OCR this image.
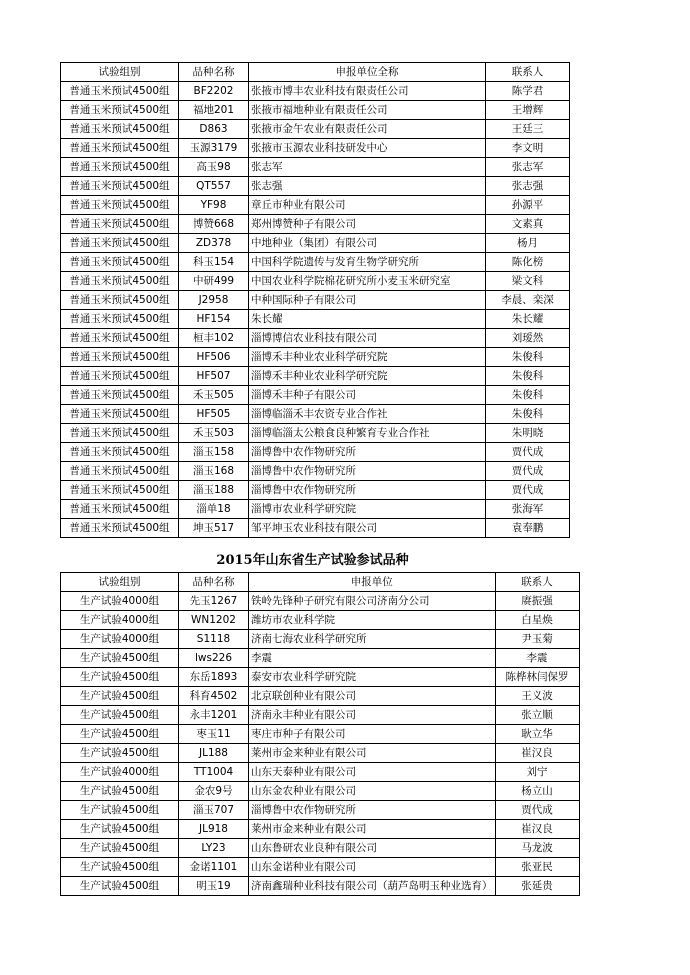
试验组别	品种名称	申报单位全称	联系人
普通玉米预试4500组	BF2202	张掖市博丰农业科技有限责任公司	陈学君
普通玉米预试4500组	福地201	张掖市福地种业有限责任公司	王增辉
普通玉米预试4500组	D863	张掖市金午农业有限责任公司	王廷三
普通玉米预试4500组	玉源3179	张掖市玉源农业科技研发中心	李文明
普通玉米预试4500组	高玉98	张志军	张志军
普通玉米预试4500组	QT557	张志强	张志强
普通玉米预试4500组	YF98	章丘市种业有限公司	孙源平
普通玉米预试4500组	博赞668	郑州博赞种子有限公司	文素真
普通玉米预试4500组	ZD378	中地种业（集团）有限公司	杨月
普通玉米预试4500组	科玉154	中国科学院遗传与发育生物学研究所	陈化榜
普通玉米预试4500组	中研499	中国农业科学院棉花研究所小麦玉米研究室	梁文科
普通玉米预试4500组	J2958	中种国际种子有限公司	李晨、栾深
普通玉米预试4500组	HF154	朱长耀	朱长耀
普通玉米预试4500组	桓丰102	淄博博信农业科技有限公司	刘瑷然
普通玉米预试4500组	HF506	淄博禾丰种业农业科学研究院	朱俊科
普通玉米预试4500组	HF507	淄博禾丰种业农业科学研究院	朱俊科
普通玉米预试4500组	禾玉505	淄博禾丰种子有限公司	朱俊科
普通玉米预试4500组	HF505	淄博临淄禾丰农资专业合作社	朱俊科
普通玉米预试4500组	禾玉503	淄博临淄太公粮食良种繁育专业合作社	朱明晓
普通玉米预试4500组	淄玉158	淄博鲁中农作物研究所	贾代成
普通玉米预试4500组	淄玉168	淄博鲁中农作物研究所	贾代成
普通玉米预试4500组	淄玉188	淄博鲁中农作物研究所	贾代成
普通玉米预试4500组	淄单18	淄博市农业科学研究院	张海军
普通玉米预试4500组	坤玉517	邹平坤玉农业科技有限公司	袁奉鹏
2015年山东省生产试验参试品种
试验组别	品种名称	申报单位	联系人
生产试验4000组	先玉1267	铁岭先锋种子研究有限公司济南分公司	赓振强
生产试验4000组	WN1202	潍坊市农业科学院	白星焕
生产试验4000组	S1118	济南七海农业科学研究所	尹玉菊
生产试验4500组	lws226	李震	李震
生产试验4500组	东岳1893	泰安市农业科学研究院	陈桦林闫保罗
生产试验4500组	科育4502	北京联创种业有限公司	王义波
生产试验4500组	永丰1201	济南永丰种业有限公司	张立顺
生产试验4500组	枣玉11	枣庄市种子有限公司	耿立华
生产试验4500组	JL188	莱州市金来种业有限公司	崔汉良
生产试验4000组	TT1004	山东天泰种业有限公司	刘宁
生产试验4500组	金农9号	山东金农种业有限公司	杨立山
生产试验4500组	淄玉707	淄博鲁中农作物研究所	贾代成
生产试验4500组	JL918	莱州市金来种业有限公司	崔汉良
生产试验4500组	LY23	山东鲁研农业良种有限公司	马龙波
生产试验4500组	金诺1101	山东金诺种业有限公司	张亚民
生产试验4500组	明玉19	济南鑫瑞种业科技有限公司（葫芦岛明玉种业选育）	张延贵
